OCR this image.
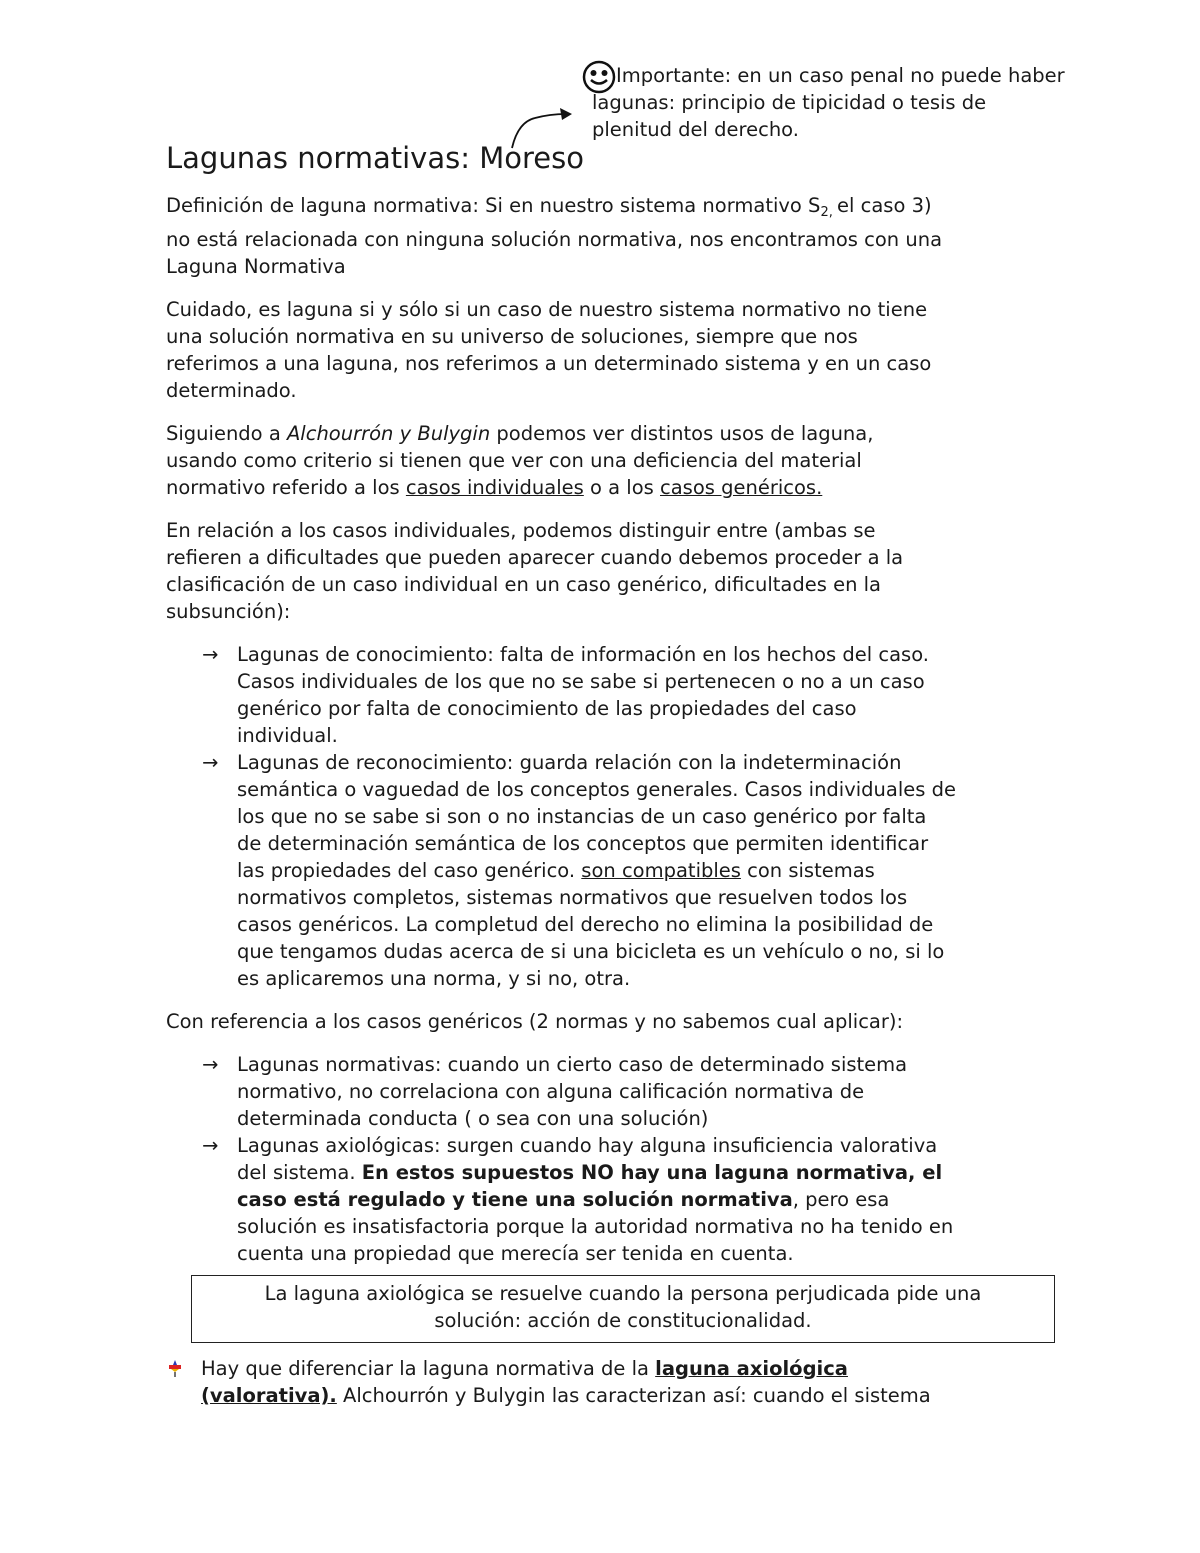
Importante: en un caso penal no puede haber
lagunas: principio de tipicidad o tesis de
plenitud del derecho.
Lagunas normativas: Moreso

Definición de laguna normativa: Si en nuestro sistema normativo $S_{2,}$ el caso 3)
no está relacionada con ninguna solución normativa, nos encontramos con una
Laguna Normativa

Cuidado, es laguna si y sólo si un caso de nuestro sistema normativo no tiene
una solución normativa en su universo de soluciones, siempre que nos
referimos a una laguna, nos referimos a un determinado sistema y en un caso
determinado.

Siguiendo a Alchourrón y Bulygin podemos ver distintos usos de laguna,
usando como criterio si tienen que ver con una deficiencia del material
normativo referido a los casos individuales o a los casos genéricos.

En relación a los casos individuales, podemos distinguir entre (ambas se
refieren a dificultades que pueden aparecer cuando debemos proceder a la
clasificación de un caso individual en un caso genérico, dificultades en la
subsunción):

→ Lagunas de conocimiento: falta de información en los hechos del caso.
Casos individuales de los que no se sabe si pertenecen o no a un caso
genérico por falta de conocimiento de las propiedades del caso
individual.
→ Lagunas de reconocimiento: guarda relación con la indeterminación
semántica o vaguedad de los conceptos generales. Casos individuales de
los que no se sabe si son o no instancias de un caso genérico por falta
de determinación semántica de los conceptos que permiten identificar
las propiedades del caso genérico. son compatibles con sistemas
normativos completos, sistemas normativos que resuelven todos los
casos genéricos. La completud del derecho no elimina la posibilidad de
que tengamos dudas acerca de si una bicicleta es un vehículo o no, si lo
es aplicaremos una norma, y si no, otra.

Con referencia a los casos genéricos (2 normas y no sabemos cual aplicar):

→ Lagunas normativas: cuando un cierto caso de determinado sistema
normativo, no correlaciona con alguna calificación normativa de
determinada conducta ( o sea con una solución)
→ Lagunas axiológicas: surgen cuando hay alguna insuficiencia valorativa
del sistema. En estos supuestos NO hay una laguna normativa, el
caso está regulado y tiene una solución normativa, pero esa
solución es insatisfactoria porque la autoridad normativa no ha tenido en
cuenta una propiedad que merecía ser tenida en cuenta.
La laguna axiológica se resuelve cuando la persona perjudicada pide una
solución: acción de constitucionalidad.
Hay que diferenciar la laguna normativa de la laguna axiológica
(valorativa). Alchourrón y Bulygin las caracterizan así: cuando el sistema
